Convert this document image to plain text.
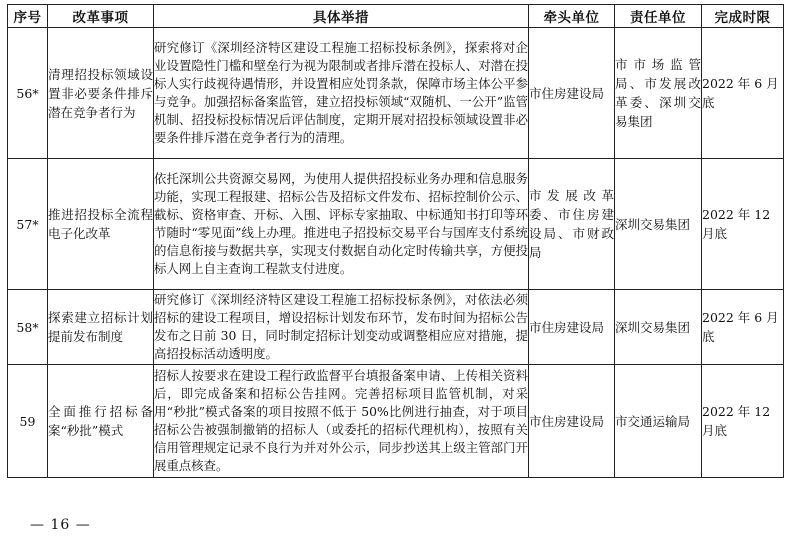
序号	改革事项	具体举措	牵头单位	责任单位	完成时限
56*	清理招投标领域设置非必要条件排斥潜在竞争者行为	研究修订《深圳经济特区建设工程施工招标投标条例》，探索将对企业设置隐性门槛和壁垒行为视为限制或者排斥潜在投标人、对潜在投标人实行歧视待遇情形，并设置相应处罚条款，保障市场主体公平参与竞争。加强招标备案监管，建立招投标领域“双随机、一公开”监管机制、招投标投标情况后评估制度，定期开展对招投标领域设置非必要条件排斥潜在竞争者行为的清理。	市住房建设局	市市场监管局、市发展改革委、深圳交易集团	2022 年 6 月底
57*	推进招投标全流程电子化改革	依托深圳公共资源交易网，为使用人提供招投标业务办理和信息服务功能，实现工程报建、招标公告及招标文件发布、招标控制价公示、截标、资格审查、开标、入围、评标专家抽取、中标通知书打印等环节随时“零见面”线上办理。推进电子招投标交易平台与国库支付系统的信息衔接与数据共享，实现支付数据自动化定时传输共享，方便投标人网上自主查询工程款支付进度。	市发展改革委、市住房建设局、市财政局	深圳交易集团	2022 年 12 月底
58*	探索建立招标计划提前发布制度	研究修订《深圳经济特区建设工程施工招标投标条例》，对依法必须招标的建设工程项目，增设招标计划发布环节，发布时间为招标公告发布之日前 30 日，同时制定招标计划变动或调整相应应对措施，提高招投标活动透明度。	市住房建设局	深圳交易集团	2022 年 6 月底
59	全面推行招标备案“秒批”模式	招标人按要求在建设工程行政监督平台填报备案申请、上传相关资料后，即完成备案和招标公告挂网。完善招标项目监管机制，对采用“秒批”模式备案的项目按照不低于 50%比例进行抽查，对于项目招标公告被强制撤销的招标人（或委托的招标代理机构），按照有关信用管理规定记录不良行为并对外公示，同步抄送其上级主管部门开展重点核查。	市住房建设局	市交通运输局	2022 年 12 月底
— 16 —
